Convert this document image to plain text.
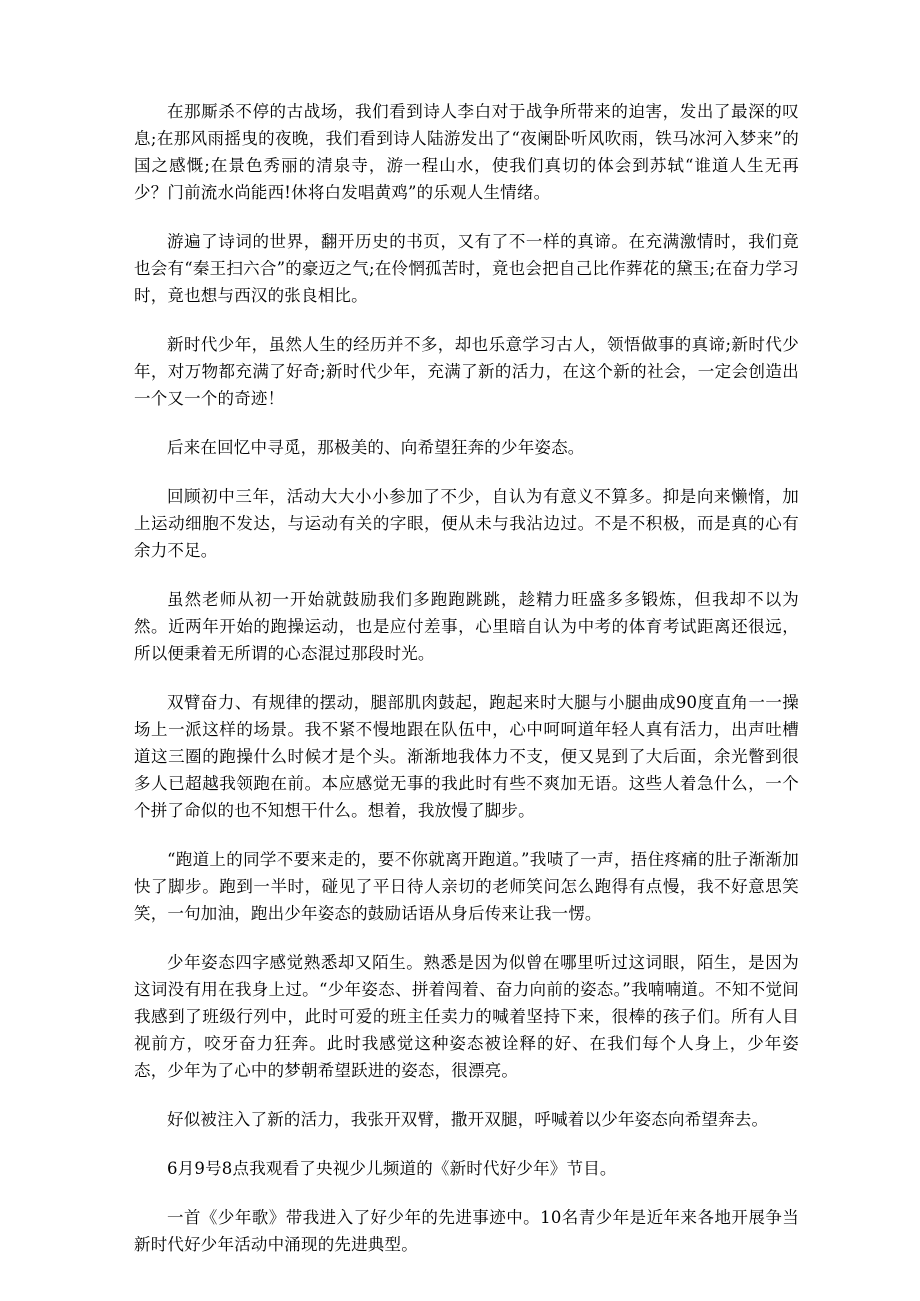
在那厮杀不停的古战场，我们看到诗人李白对于战争所带来的迫害，发出了最深的叹息;在那风雨摇曳的夜晚，我们看到诗人陆游发出了“夜阑卧听风吹雨，铁马冰河入梦来”的国之感慨;在景色秀丽的清泉寺，游一程山水，使我们真切的体会到苏轼“谁道人生无再少？门前流水尚能西!休将白发唱黄鸡”的乐观人生情绪。

游遍了诗词的世界，翻开历史的书页，又有了不一样的真谛。在充满激情时，我们竟也会有“秦王扫六合”的豪迈之气;在伶惘孤苦时，竟也会把自己比作葬花的黛玉;在奋力学习时，竟也想与西汉的张良相比。

新时代少年，虽然人生的经历并不多，却也乐意学习古人，领悟做事的真谛;新时代少年，对万物都充满了好奇;新时代少年，充满了新的活力，在这个新的社会，一定会创造出一个又一个的奇迹！

后来在回忆中寻觅，那极美的、向希望狂奔的少年姿态。

回顾初中三年，活动大大小小参加了不少，自认为有意义不算多。抑是向来懒惰，加上运动细胞不发达，与运动有关的字眼，便从未与我沾边过。不是不积极，而是真的心有余力不足。

虽然老师从初一开始就鼓励我们多跑跑跳跳，趁精力旺盛多多锻炼，但我却不以为然。近两年开始的跑操运动，也是应付差事，心里暗自认为中考的体育考试距离还很远，所以便秉着无所谓的心态混过那段时光。

双臂奋力、有规律的摆动，腿部肌肉鼓起，跑起来时大腿与小腿曲成90度直角一一操场上一派这样的场景。我不紧不慢地跟在队伍中，心中呵呵道年轻人真有活力，出声吐槽道这三圈的跑操什么时候才是个头。渐渐地我体力不支，便又晃到了大后面，余光瞥到很多人已超越我领跑在前。本应感觉无事的我此时有些不爽加无语。这些人着急什么，一个个拼了命似的也不知想干什么。想着，我放慢了脚步。

“跑道上的同学不要来走的，要不你就离开跑道。”我啧了一声，捂住疼痛的肚子渐渐加快了脚步。跑到一半时，碰见了平日待人亲切的老师笑问怎么跑得有点慢，我不好意思笑笑，一句加油，跑出少年姿态的鼓励话语从身后传来让我一愣。

少年姿态四字感觉熟悉却又陌生。熟悉是因为似曾在哪里听过这词眼，陌生，是因为这词没有用在我身上过。“少年姿态、拼着闯着、奋力向前的姿态。”我喃喃道。不知不觉间我感到了班级行列中，此时可爱的班主任卖力的喊着坚持下来，很棒的孩子们。所有人目视前方，咬牙奋力狂奔。此时我感觉这种姿态被诠释的好、在我们每个人身上，少年姿态，少年为了心中的梦朝希望跃进的姿态，很漂亮。

好似被注入了新的活力，我张开双臂，撒开双腿，呼喊着以少年姿态向希望奔去。

6月9号8点我观看了央视少儿频道的《新时代好少年》节目。

一首《少年歌》带我进入了好少年的先进事迹中。10名青少年是近年来各地开展争当新时代好少年活动中涌现的先进典型。
